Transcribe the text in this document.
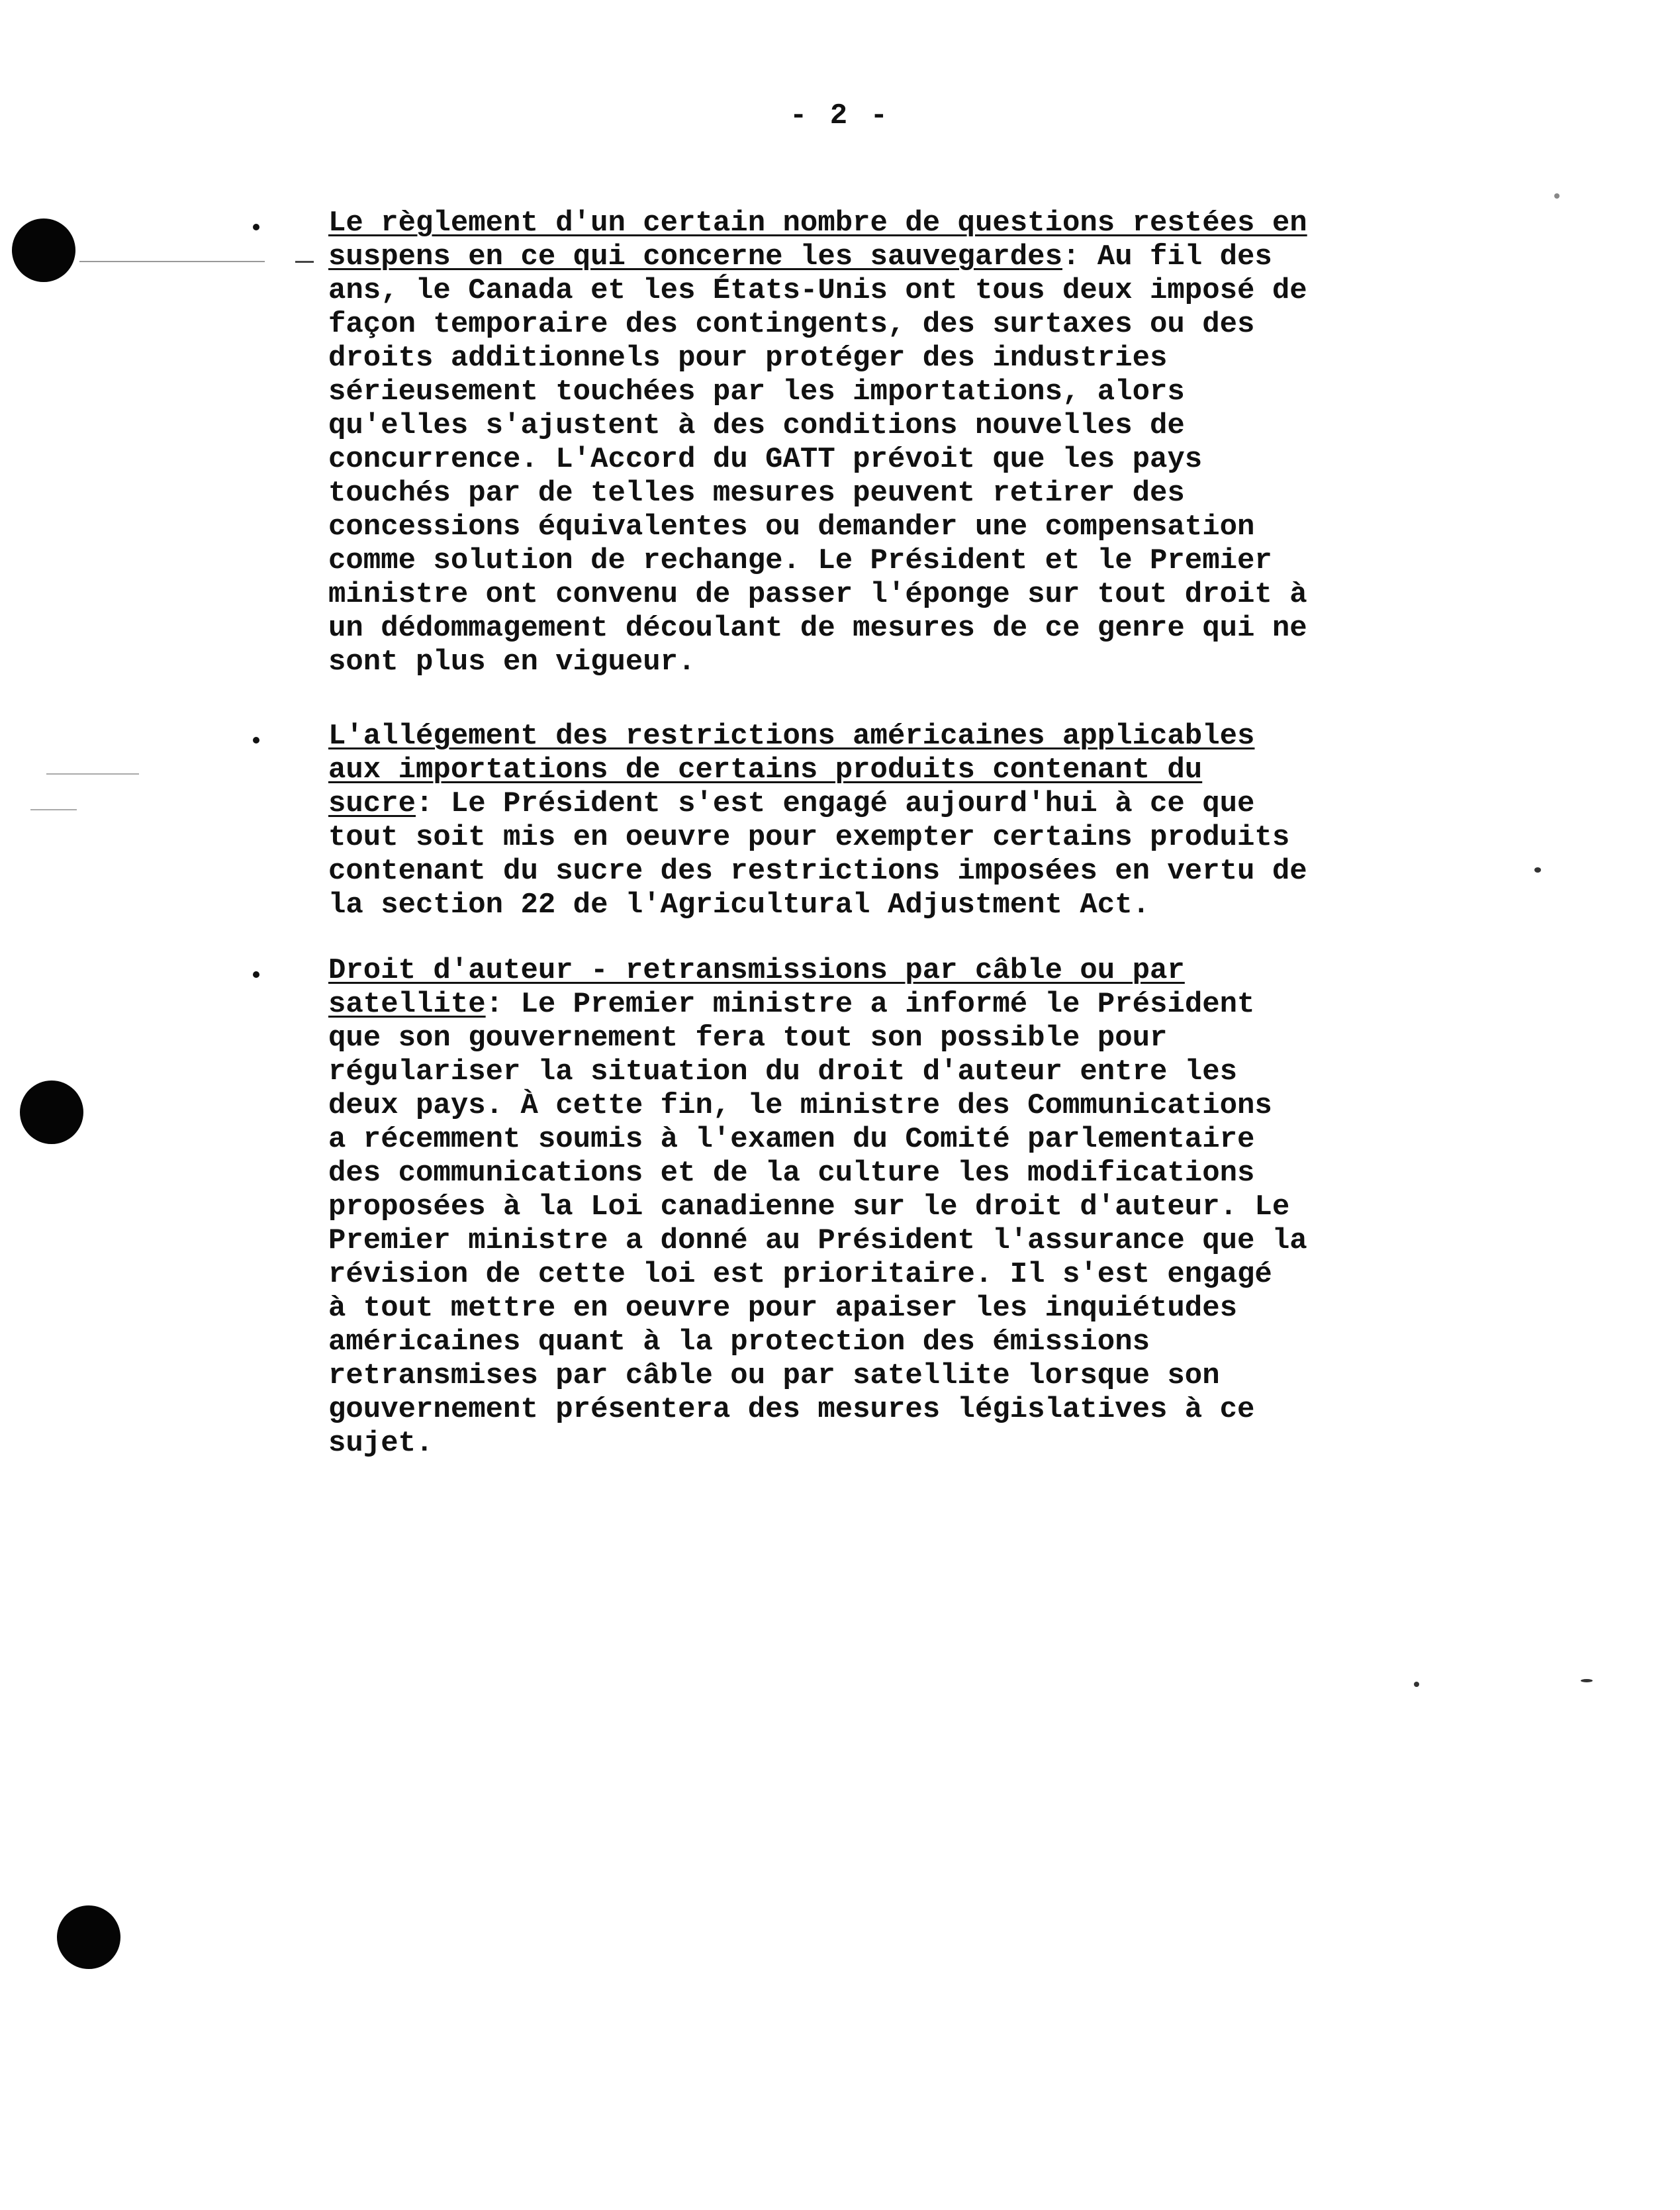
- 2 -
Le règlement d'un certain nombre de questions restées en
suspens en ce qui concerne les sauvegardes: Au fil des
ans, le Canada et les États-Unis ont tous deux imposé de
façon temporaire des contingents, des surtaxes ou des
droits additionnels pour protéger des industries
sérieusement touchées par les importations, alors
qu'elles s'ajustent à des conditions nouvelles de
concurrence. L'Accord du GATT prévoit que les pays
touchés par de telles mesures peuvent retirer des
concessions équivalentes ou demander une compensation
comme solution de rechange. Le Président et le Premier
ministre ont convenu de passer l'éponge sur tout droit à
un dédommagement découlant de mesures de ce genre qui ne
sont plus en vigueur.
L'allégement des restrictions américaines applicables
aux importations de certains produits contenant du
sucre: Le Président s'est engagé aujourd'hui à ce que
tout soit mis en oeuvre pour exempter certains produits
contenant du sucre des restrictions imposées en vertu de
la section 22 de l'Agricultural Adjustment Act.
Droit d'auteur - retransmissions par câble ou par
satellite: Le Premier ministre a informé le Président
que son gouvernement fera tout son possible pour
régulariser la situation du droit d'auteur entre les
deux pays. À cette fin, le ministre des Communications
a récemment soumis à l'examen du Comité parlementaire
des communications et de la culture les modifications
proposées à la Loi canadienne sur le droit d'auteur. Le
Premier ministre a donné au Président l'assurance que la
révision de cette loi est prioritaire. Il s'est engagé
à tout mettre en oeuvre pour apaiser les inquiétudes
américaines quant à la protection des émissions
retransmises par câble ou par satellite lorsque son
gouvernement présentera des mesures législatives à ce
sujet.
